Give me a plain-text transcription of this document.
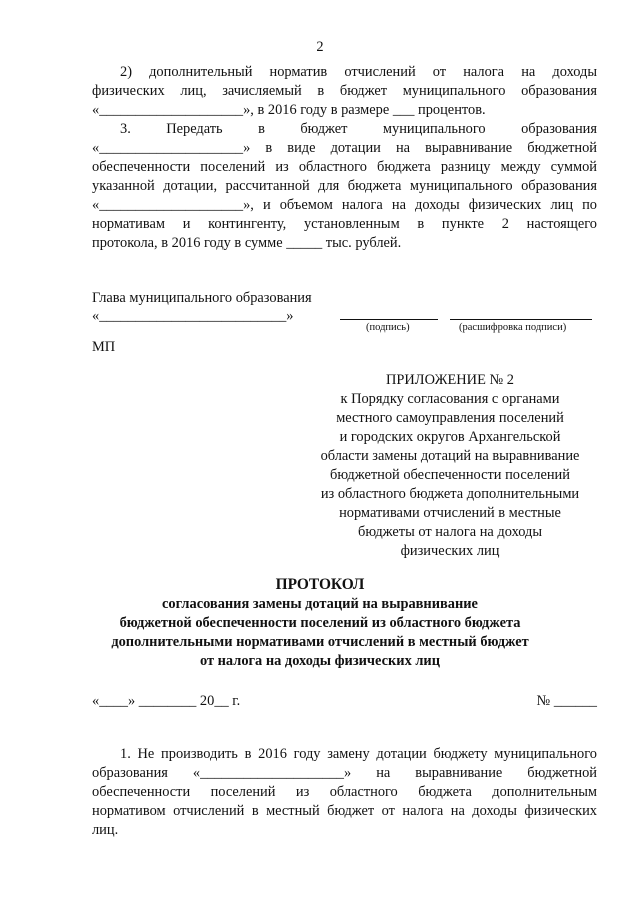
2
2) дополнительный норматив отчислений от налога на доходы
физических лиц, зачисляемый в бюджет муниципального образования
«____________________», в 2016 году в размере ___ процентов.
3. Передать в бюджет муниципального образования
«____________________» в виде дотации на выравнивание бюджетной
обеспеченности поселений из областного бюджета разницу между суммой
указанной дотации, рассчитанной для бюджета муниципального образования
«____________________», и объемом налога на доходы физических лиц по
нормативам и контингенту, установленным в пункте 2 настоящего
протокола, в 2016 году в сумме _____ тыс. рублей.
Глава муниципального образования
«__________________________»
(подпись)	(расшифровка подписи)
МП
ПРИЛОЖЕНИЕ № 2
к Порядку согласования с органами
местного самоуправления поселений
и городских округов Архангельской
области замены дотаций на выравнивание
бюджетной обеспеченности поселений
из областного бюджета дополнительными
нормативами отчислений в местные
бюджеты от налога на доходы
физических лиц
ПРОТОКОЛ
согласования замены дотаций на выравнивание
бюджетной обеспеченности поселений из областного бюджета
дополнительными нормативами отчислений в местный бюджет
от налога на доходы физических лиц
«____» ________ 20__ г.	№ ______
1. Не производить в 2016 году замену дотации бюджету муниципального
образования «____________________» на выравнивание бюджетной
обеспеченности поселений из областного бюджета дополнительным
нормативом отчислений в местный бюджет от налога на доходы физических
лиц.
